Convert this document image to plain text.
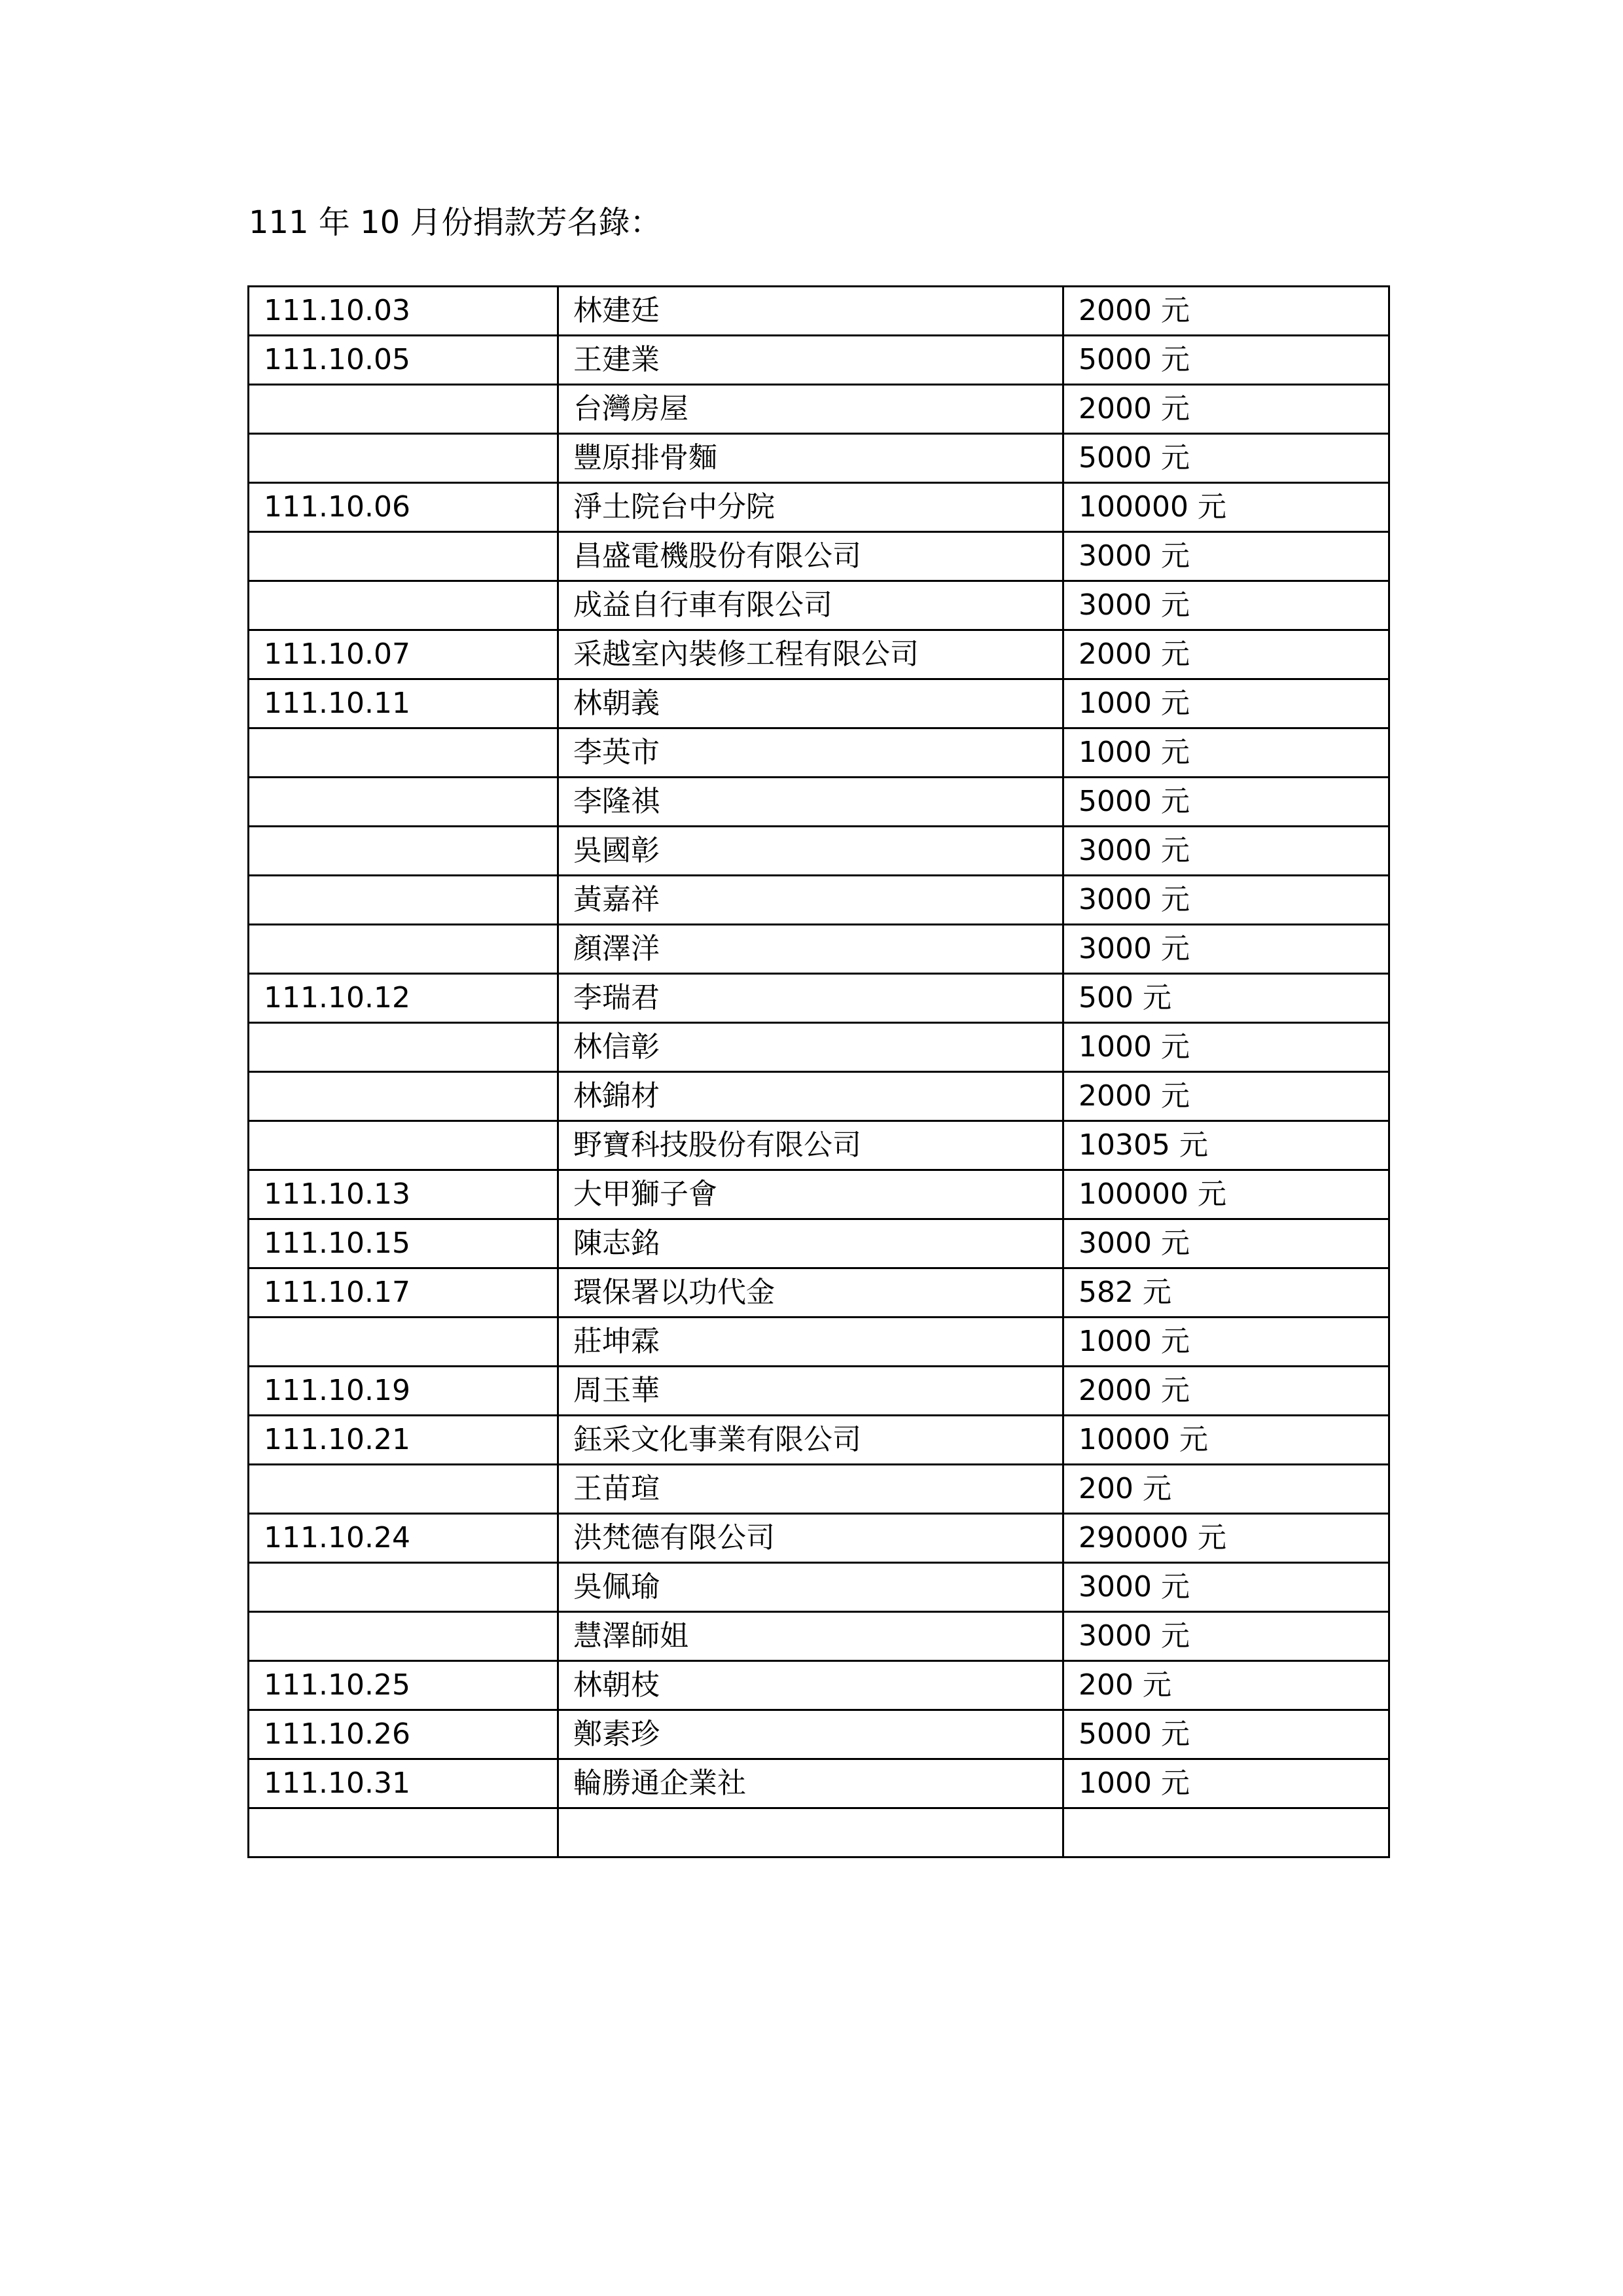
111 年 10 月份捐款芳名錄：
111.10.03	林建廷	2000 元
111.10.05	王建業	5000 元
	台灣房屋	2000 元
	豐原排骨麵	5000 元
111.10.06	淨土院台中分院	100000 元
	昌盛電機股份有限公司	3000 元
	成益自行車有限公司	3000 元
111.10.07	采越室內裝修工程有限公司	2000 元
111.10.11	林朝義	1000 元
	李英市	1000 元
	李隆祺	5000 元
	吳國彰	3000 元
	黃嘉祥	3000 元
	顏澤洋	3000 元
111.10.12	李瑞君	500 元
	林信彰	1000 元
	林錦材	2000 元
	野寶科技股份有限公司	10305 元
111.10.13	大甲獅子會	100000 元
111.10.15	陳志銘	3000 元
111.10.17	環保署以功代金	582 元
	莊坤霖	1000 元
111.10.19	周玉華	2000 元
111.10.21	鈺采文化事業有限公司	10000 元
	王苗瑄	200 元
111.10.24	洪梵德有限公司	290000 元
	吳佩瑜	3000 元
	慧澤師姐	3000 元
111.10.25	林朝枝	200 元
111.10.26	鄭素珍	5000 元
111.10.31	輪勝通企業社	1000 元
